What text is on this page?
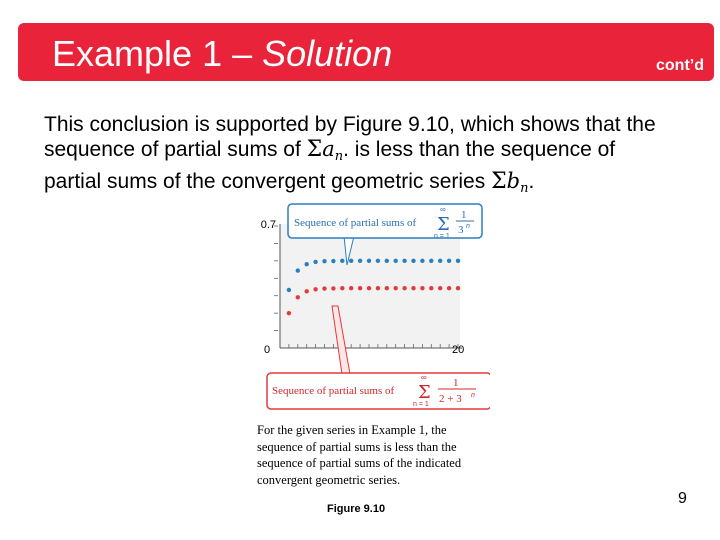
Example 1 – Solution	cont’d
This conclusion is supported by Figure 9.10, which shows that the sequence of partial sums of $\Sigma a_n$. is less than the sequence of partial sums of the convergent geometric series $\Sigma b_n$.
0.7
0	20
Sequence of partial sums of
∞
Σ
n = 1
1
3 n
Sequence of partial sums of
∞
Σ
n = 1
1
2 + 3 n
For the given series in Example 1, the sequence of partial sums is less than the sequence of partial sums of the indicated convergent geometric series.
Figure 9.10
9
